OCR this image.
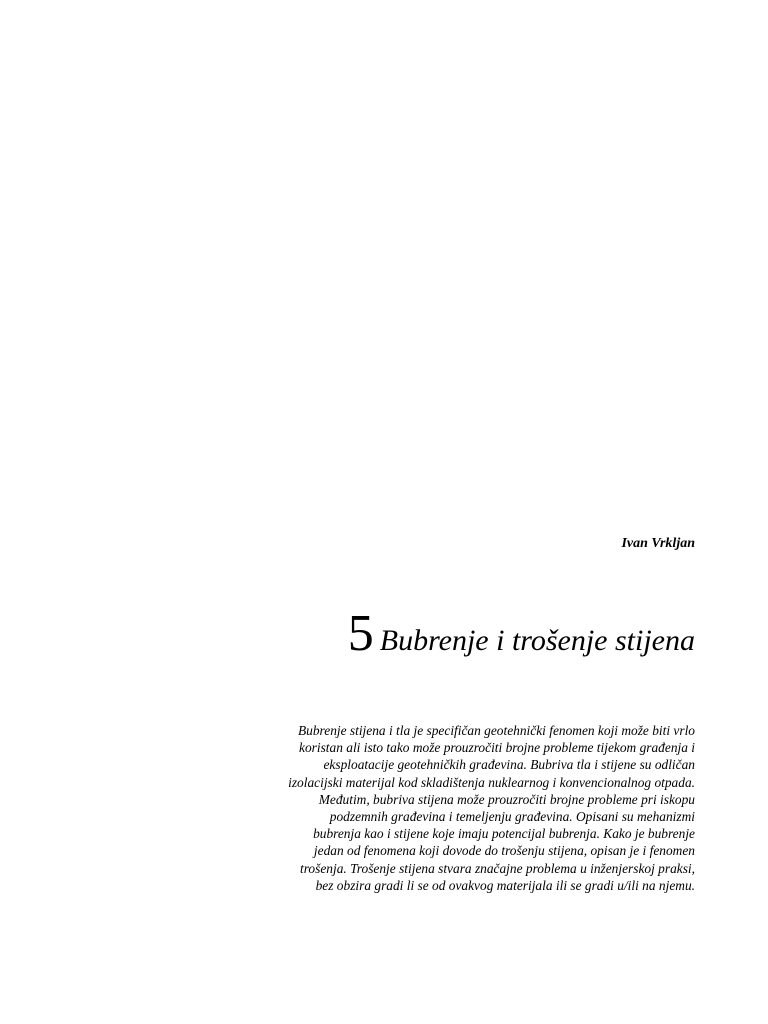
Ivan Vrkljan
5 Bubrenje i trošenje stijena
Bubrenje stijena i tla je specifičan geotehnički fenomen koji može biti vrlo
koristan ali isto tako može prouzročiti brojne probleme tijekom građenja i
eksploatacije geotehničkih građevina. Bubriva tla i stijene su odličan
izolacijski materijal kod skladištenja nuklearnog i konvencionalnog otpada.
Međutim, bubriva stijena može prouzročiti brojne probleme pri iskopu
podzemnih građevina i temeljenju građevina. Opisani su mehanizmi
bubrenja kao i stijene koje imaju potencijal bubrenja. Kako je bubrenje
jedan od fenomena koji dovode do trošenju stijena, opisan je i fenomen
trošenja. Trošenje stijena stvara značajne problema u inženjerskoj praksi,
bez obzira gradi li se od ovakvog materijala ili se gradi u/ili na njemu.
